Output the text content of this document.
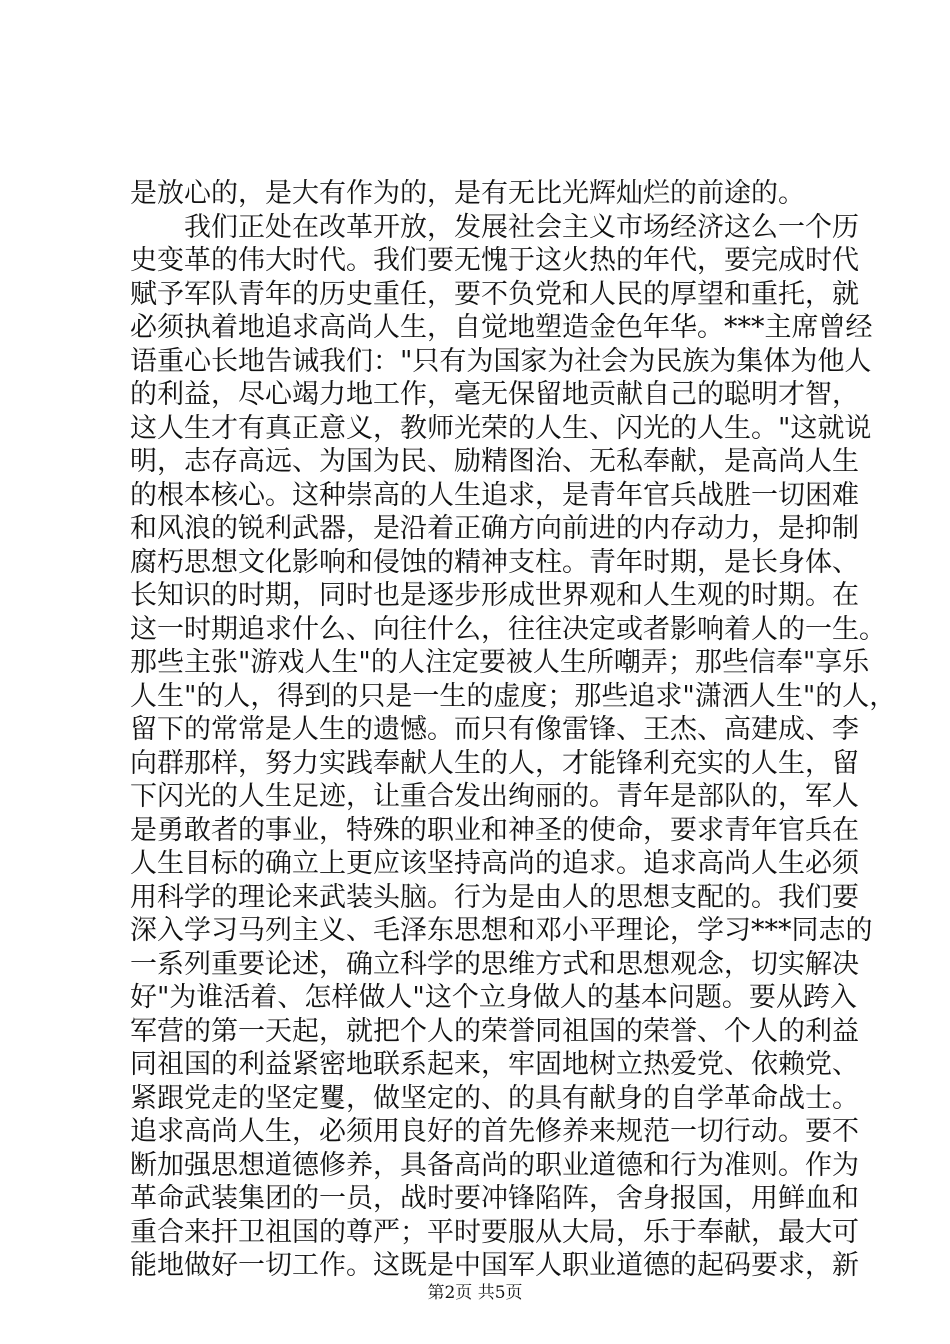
是放心的，是大有作为的，是有无比光辉灿烂的前途的。
我们正处在改革开放，发展社会主义市场经济这么一个历
史变革的伟大时代。我们要无愧于这火热的年代，要完成时代
赋予军队青年的历史重任，要不负党和人民的厚望和重托，就
必须执着地追求高尚人生，自觉地塑造金色年华。***主席曾经
语重心长地告诫我们："只有为国家为社会为民族为集体为他人
的利益，尽心竭力地工作，毫无保留地贡献自己的聪明才智，
这人生才有真正意义，教师光荣的人生、闪光的人生。"这就说
明，志存高远、为国为民、励精图治、无私奉献，是高尚人生
的根本核心。这种崇高的人生追求，是青年官兵战胜一切困难
和风浪的锐利武器，是沿着正确方向前进的内存动力，是抑制
腐朽思想文化影响和侵蚀的精神支柱。青年时期，是长身体、
长知识的时期，同时也是逐步形成世界观和人生观的时期。在
这一时期追求什么、向往什么，往往决定或者影响着人的一生。
那些主张"游戏人生"的人注定要被人生所嘲弄；那些信奉"享乐
人生"的人，得到的只是一生的虚度；那些追求"潇洒人生"的人，
留下的常常是人生的遗憾。而只有像雷锋、王杰、高建成、李
向群那样，努力实践奉献人生的人，才能锋利充实的人生，留
下闪光的人生足迹，让重合发出绚丽的。青年是部队的，军人
是勇敢者的事业，特殊的职业和神圣的使命，要求青年官兵在
人生目标的确立上更应该坚持高尚的追求。追求高尚人生必须
用科学的理论来武装头脑。行为是由人的思想支配的。我们要
深入学习马列主义、毛泽东思想和邓小平理论，学习***同志的
一系列重要论述，确立科学的思维方式和思想观念，切实解决
好"为谁活着、怎样做人"这个立身做人的基本问题。要从跨入
军营的第一天起，就把个人的荣誉同祖国的荣誉、个人的利益
同祖国的利益紧密地联系起来，牢固地树立热爱党、依赖党、
紧跟党走的坚定矍，做坚定的、的具有献身的自学革命战士。
追求高尚人生，必须用良好的首先修养来规范一切行动。要不
断加强思想道德修养，具备高尚的职业道德和行为准则。作为
革命武装集团的一员，战时要冲锋陷阵，舍身报国，用鲜血和
重合来扞卫祖国的尊严；平时要服从大局，乐于奉献，最大可
能地做好一切工作。这既是中国军人职业道德的起码要求，新
第2页 共5页
